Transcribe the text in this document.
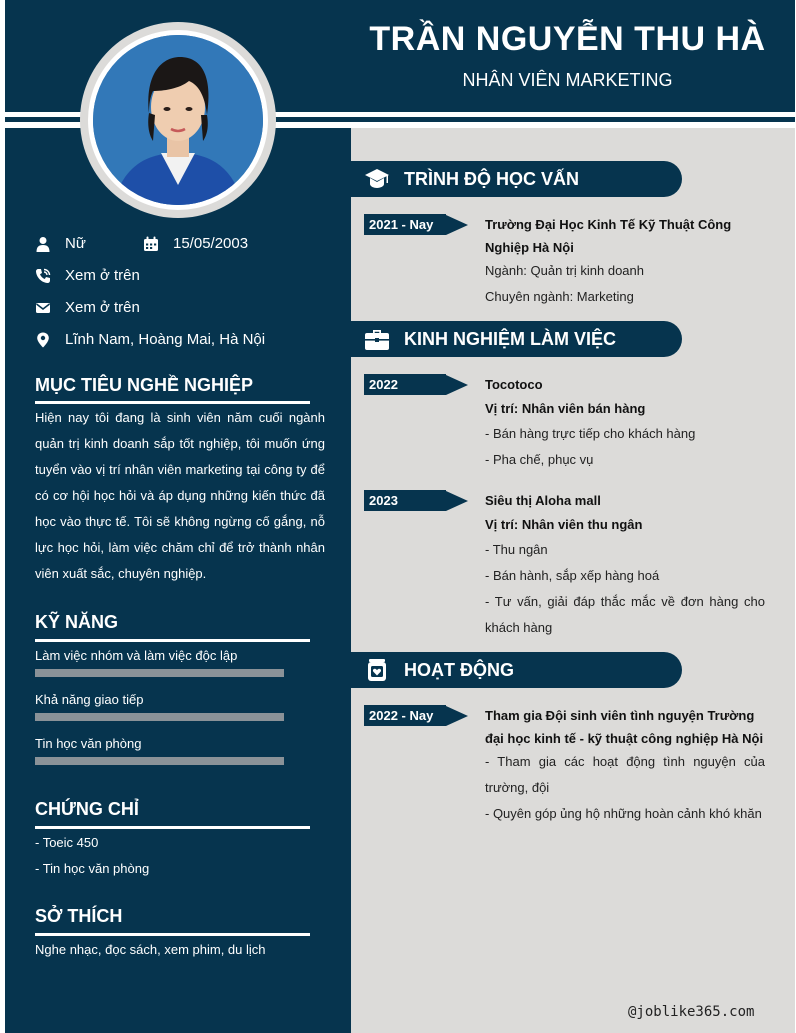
TRẦN NGUYỄN THU HÀ
NHÂN VIÊN MARKETING
Nữ	15/05/2003
Xem ở trên
Xem ở trên
Lĩnh Nam, Hoàng Mai, Hà Nội
MỤC TIÊU NGHỀ NGHIỆP
Hiện nay tôi đang là sinh viên năm cuối ngành quản trị kinh doanh sắp tốt nghiệp, tôi muốn ứng tuyển vào vị trí nhân viên marketing tại công ty để có cơ hội học hỏi và áp dụng những kiến thức đã học vào thực tế. Tôi sẽ không ngừng cố gắng, nỗ lực học hỏi, làm việc chăm chỉ để trở thành nhân viên xuất sắc, chuyên nghiệp.
KỸ NĂNG
Làm việc nhóm và làm việc độc lập
Khả năng giao tiếp
Tin học văn phòng
CHỨNG CHỈ
- Toeic 450
- Tin học văn phòng
SỞ THÍCH
Nghe nhạc, đọc sách, xem phim, du lịch
TRÌNH ĐỘ HỌC VẤN
2021 - Nay	Trường Đại Học Kinh Tế Kỹ Thuật Công Nghiệp Hà Nội
Ngành: Quản trị kinh doanh
Chuyên ngành: Marketing
KINH NGHIỆM LÀM VIỆC
2022	Tocotoco
Vị trí: Nhân viên bán hàng
- Bán hàng trực tiếp cho khách hàng
- Pha chế, phục vụ
2023	Siêu thị Aloha mall
Vị trí: Nhân viên thu ngân
- Thu ngân
- Bán hành, sắp xếp hàng hoá
- Tư vấn, giải đáp thắc mắc về đơn hàng cho khách hàng
HOẠT ĐỘNG
2022 - Nay	Tham gia Đội sinh viên tình nguyện Trường đại học kinh tế - kỹ thuật công nghiệp Hà Nội
- Tham gia các hoạt động tình nguyện của trường, đội
- Quyên góp ủng hộ những hoàn cảnh khó khăn
@joblike365.com
